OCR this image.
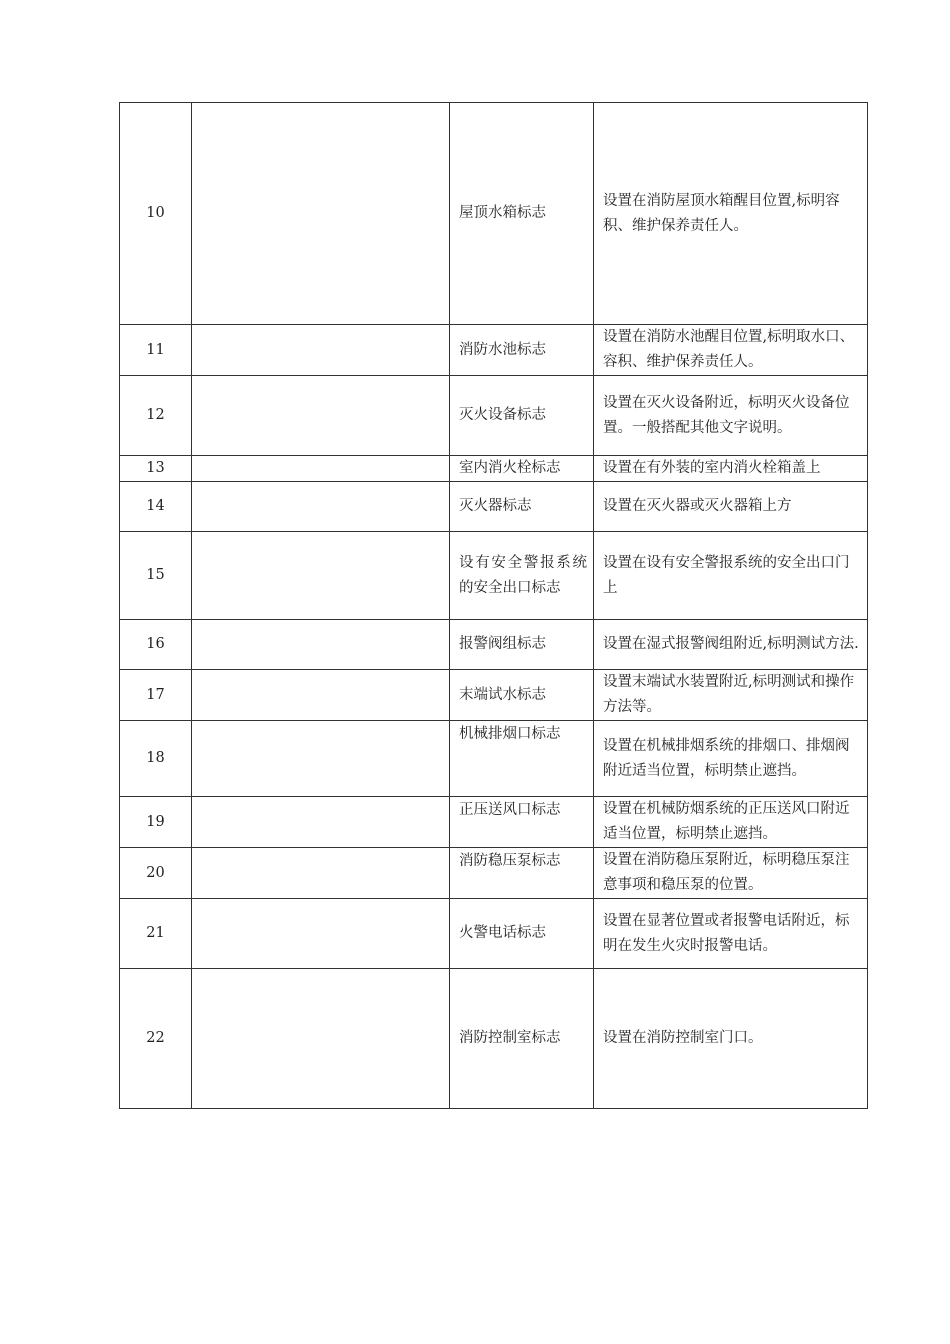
10		屋顶水箱标志	设置在消防屋顶水箱醒目位置,标明容积、维护保养责任人。
11		消防水池标志	设置在消防水池醒目位置,标明取水口、容积、维护保养责任人。
12		灭火设备标志	设置在灭火设备附近，标明灭火设备位置。一般搭配其他文字说明。
13		室内消火栓标志	设置在有外装的室内消火栓箱盖上
14		灭火器标志	设置在灭火器或灭火器箱上方
15		设有安全警报系统的安全出口标志	设置在设有安全警报系统的安全出口门上
16		报警阀组标志	设置在湿式报警阀组附近,标明测试方法.
17		末端试水标志	设置末端试水装置附近,标明测试和操作方法等。
18		机械排烟口标志	设置在机械排烟系统的排烟口、排烟阀附近适当位置，标明禁止遮挡。
19		正压送风口标志	设置在机械防烟系统的正压送风口附近适当位置，标明禁止遮挡。
20		消防稳压泵标志	设置在消防稳压泵附近，标明稳压泵注意事项和稳压泵的位置。
21		火警电话标志	设置在显著位置或者报警电话附近，标明在发生火灾时报警电话。
22		消防控制室标志	设置在消防控制室门口。
